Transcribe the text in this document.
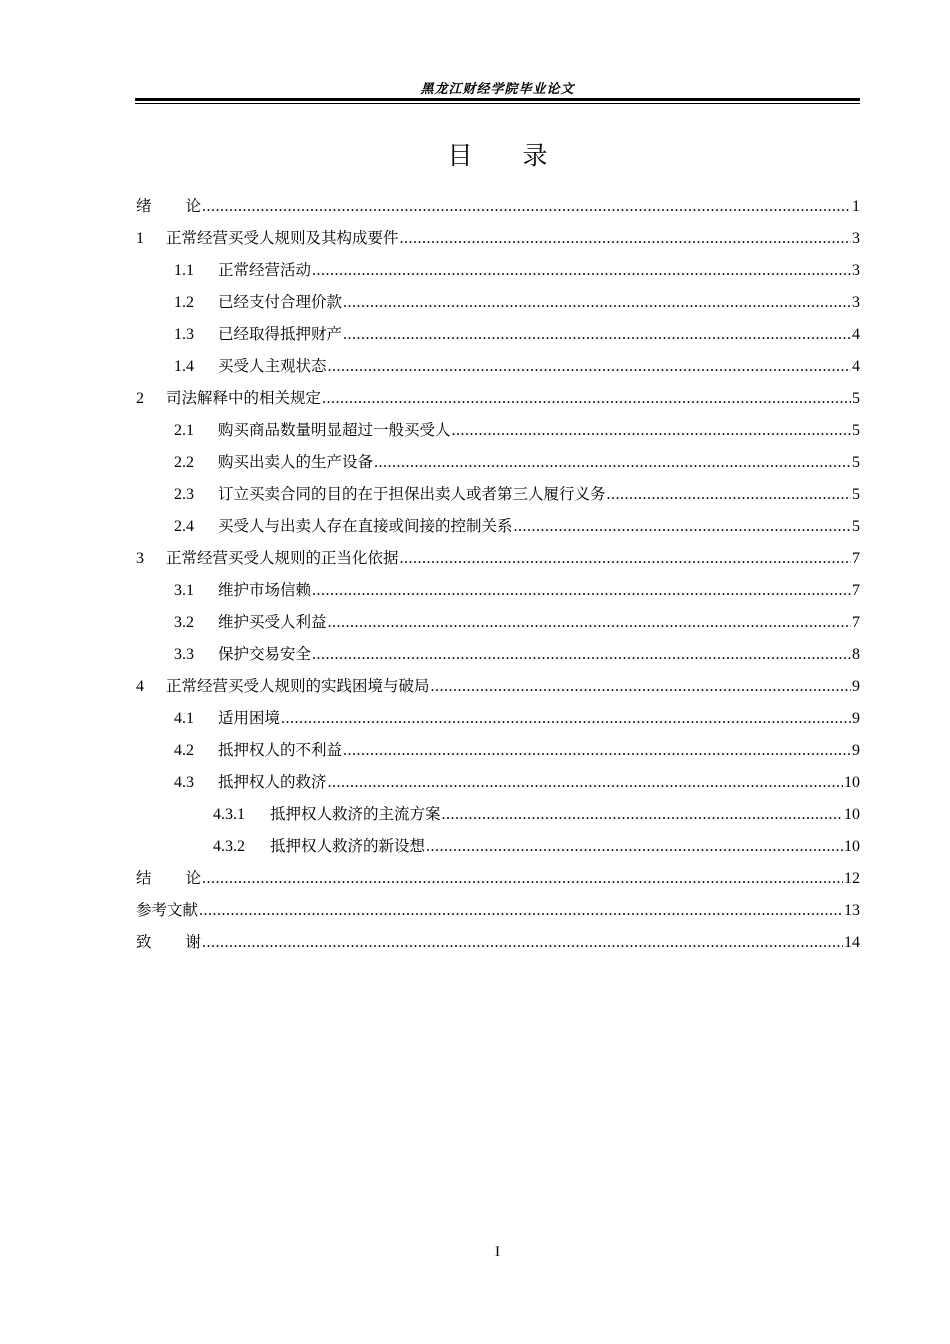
黑龙江财经学院毕业论文
目 录
绪 论 .....	1
1	正常经营买受人规则及其构成要件 .....	3
1.1	正常经营活动 .....	3
1.2	已经支付合理价款 .....	3
1.3	已经取得抵押财产 .....	4
1.4	买受人主观状态 .....	4
2	司法解释中的相关规定 .....	5
2.1	购买商品数量明显超过一般买受人 .....	5
2.2	购买出卖人的生产设备 .....	5
2.3	订立买卖合同的目的在于担保出卖人或者第三人履行义务 .....	5
2.4	买受人与出卖人存在直接或间接的控制关系 .....	5
3	正常经营买受人规则的正当化依据 .....	7
3.1	维护市场信赖 .....	7
3.2	维护买受人利益 .....	7
3.3	保护交易安全 .....	8
4	正常经营买受人规则的实践困境与破局 .....	9
4.1	适用困境 .....	9
4.2	抵押权人的不利益 .....	9
4.3	抵押权人的救济 .....	10
4.3.1	抵押权人救济的主流方案 .....	10
4.3.2	抵押权人救济的新设想 .....	10
结 论 .....	12
参考文献 .....	13
致 谢 .....	14
I
